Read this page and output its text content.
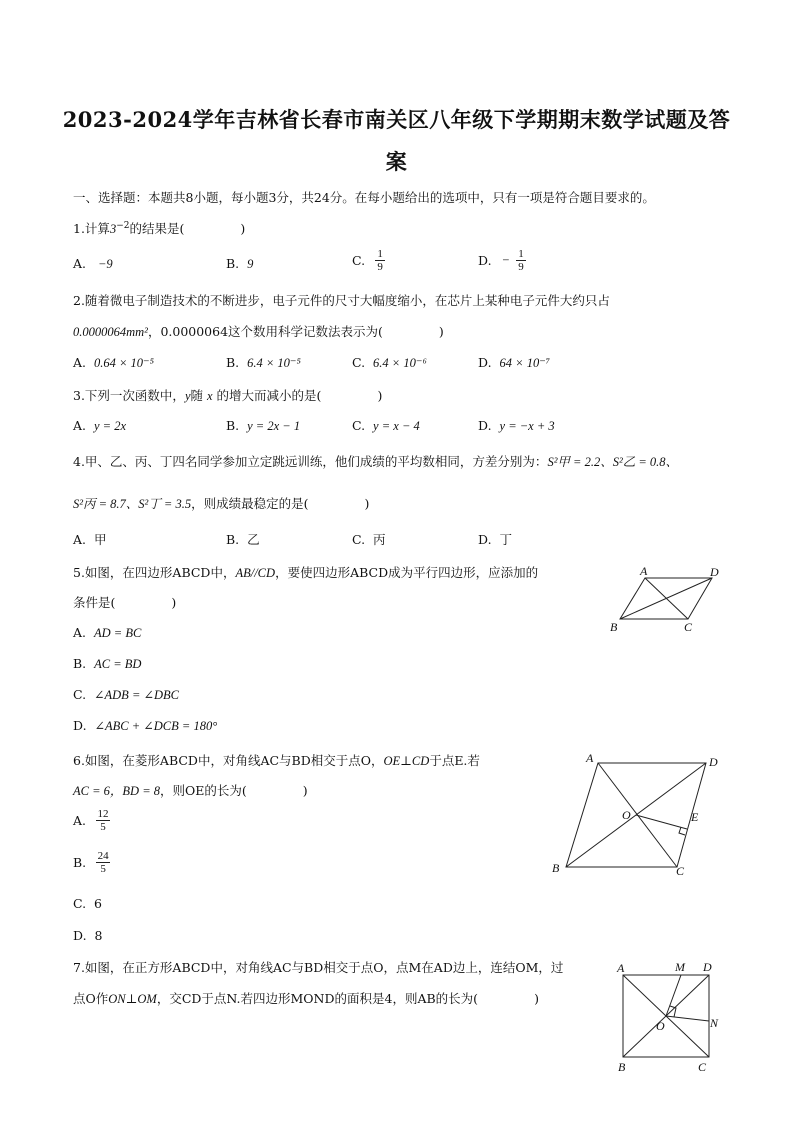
2023-2024学年吉林省长春市南关区八年级下学期期末数学试题及答
案
一、选择题：本题共8小题，每小题3分，共24分。在每小题给出的选项中，只有一项是符合题目要求的。
1.计算$3^{-2}$的结果是(	)
A. −9	B. 9	C. $\frac{1}{9}$	D. − $\frac{1}{9}$
2.随着微电子制造技术的不断进步，电子元件的尺寸大幅度缩小，在芯片上某种电子元件大约只占
0.0000064mm²，0.0000064这个数用科学记数法表示为(	)
A. 0.64 × 10⁻⁵	B. 6.4 × 10⁻⁵	C. 6.4 × 10⁻⁶	D. 64 × 10⁻⁷
3.下列一次函数中，y随 x 的增大而减小的是(	)
A. y = 2x	B. y = 2x − 1	C. y = x − 4	D. y = −x + 3
4.甲、乙、丙、丁四名同学参加立定跳远训练，他们成绩的平均数相同，方差分别为：S²甲 = 2.2、S²乙 = 0.8、
S²丙 = 8.7、S²丁 = 3.5，则成绩最稳定的是(	)
A. 甲	B. 乙	C. 丙	D. 丁
5.如图，在四边形ABCD中，AB//CD，要使四边形ABCD成为平行四边形，应添加的
条件是(	)
A. AD = BC
B. AC = BD
C. ∠ADB = ∠DBC
D. ∠ABC + ∠DCB = 180°
A	D
B	C
6.如图，在菱形ABCD中，对角线AC与BD相交于点O，OE⊥CD于点E.若
AC = 6，BD = 8，则OE的长为(	)
A. $\frac{12}{5}$
B. $\frac{24}{5}$
C. 6
D. 8
A	D
B	C
O	E
7.如图，在正方形ABCD中，对角线AC与BD相交于点O，点M在AD边上，连结OM，过
点O作ON⊥OM，交CD于点N.若四边形MOND的面积是4，则AB的长为(	)
A	M D
N
O
B	C
